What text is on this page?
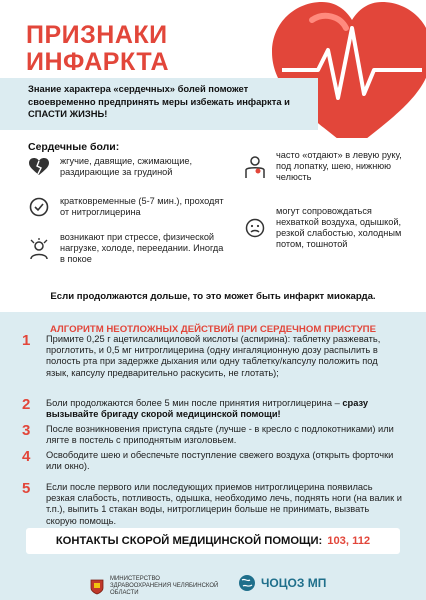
ПРИЗНАКИ
ИНФАРКТА
Знание характера «сердечных» болей поможет своевременно предпринять меры избежать инфаркта и СПАСТИ ЖИЗНЬ!
Сердечные боли:
жгучие, давящие, сжимающие, раздирающие за грудиной
кратковременные (5-7 мин.), проходят от нитроглицерина
возникают при стрессе, физической нагрузке, холоде, переедании. Иногда в покое
часто «отдают» в левую руку, под лопатку, шею, нижнюю челюсть
могут сопровождаться нехваткой воздуха, одышкой, резкой слабостью, холодным потом, тошнотой
Если продолжаются дольше, то это может быть инфаркт миокарда.
АЛГОРИТМ НЕОТЛОЖНЫХ ДЕЙСТВИЙ ПРИ СЕРДЕЧНОМ ПРИСТУПЕ
1	Примите 0,25 г ацетилсалициловой кислоты (аспирина): таблетку разжевать, проглотить, и 0,5 мг нитроглицерина (одну ингаляционную дозу распылить в полость рта при задержке дыхания или одну таблетку/капсулу положить под язык, капсулу предварительно раскусить, не глотать);
2	Боли продолжаются более 5 мин после принятия нитроглицерина – сразу вызывайте бригаду скорой медицинской помощи!
3	После возникновения приступа сядьте (лучше - в кресло с подлокотниками) или лягте в постель с приподнятым изголовьем.
4	Освободите шею и обеспечьте поступление свежего воздуха (открыть форточки или окно).
5	Если после первого или последующих приемов нитроглицерина появилась резкая слабость, потливость, одышка, необходимо лечь, поднять ноги (на валик и т.п.), выпить 1 стакан воды, нитроглицерин больше не принимать, вызвать скорую помощь.
КОНТАКТЫ СКОРОЙ МЕДИЦИНСКОЙ ПОМОЩИ: 103, 112
МИНИСТЕРСТВО ЗДРАВООХРАНЕНИЯ ЧЕЛЯБИНСКОЙ ОБЛАСТИ
ЧОЦОЗ МП
